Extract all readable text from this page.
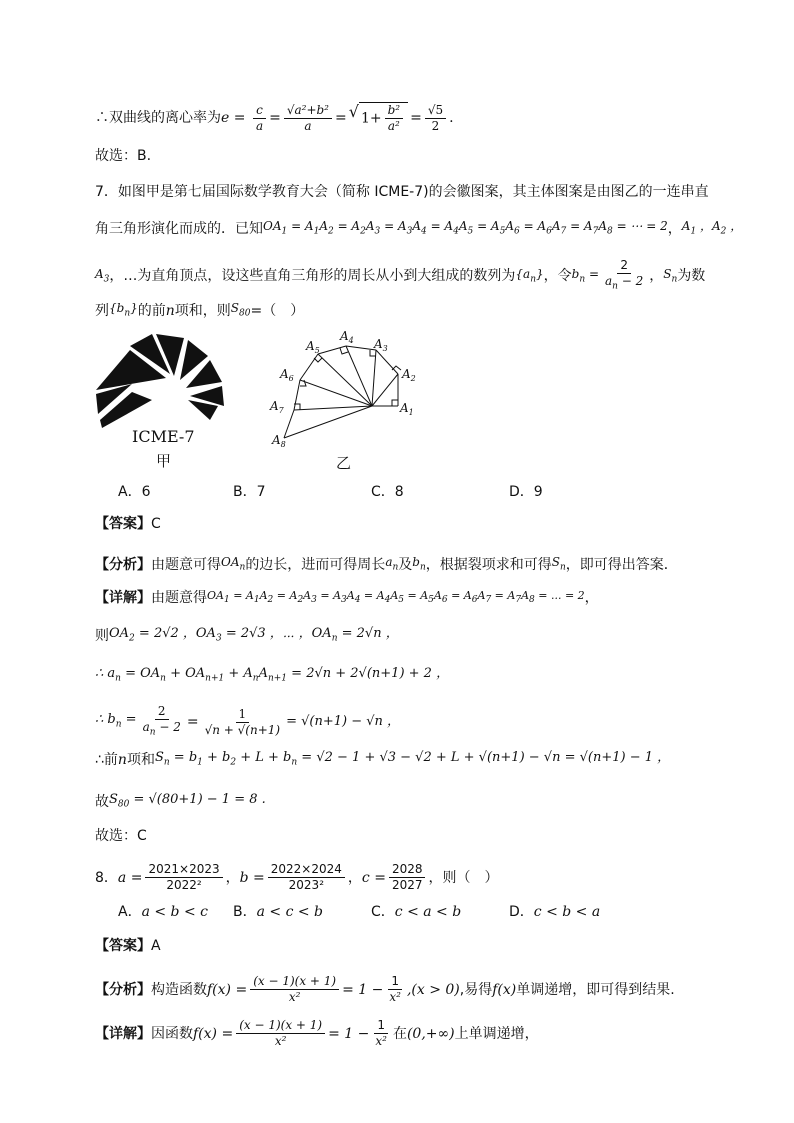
∴双曲线的离心率为 $e = \frac{c}{a} = \frac{\text{√a²+b²}}{a}$ = √ $1+ \frac{\text{b²}}{\text{a²}} = \frac{√5}{2}$ .
故选：B.
7．如图甲是第七届国际数学教育大会（简称 ICME-7)的会徽图案，其主体图案是由图乙的一连串直
角三角形演化而成的．已知 $OA_1 = A_1A_2 = A_2A_3 = A_3A_4 = A_4A_5 = A_5A_6 = A_6A_7 = A_7A_8$ = ⋯ = 2 ， $A_1$ ，$A_2$ ，
$A_3$ ，…为直角顶点，设这些直角三角形的周长从小到大组成的数列为 $\{a_n\}$ ，令 $b_n = \frac{2}{a_n - 2}$ ， $S_n$ 为数
列 $\{b_n\}$ 的前 n 项和，则 $S_{80}$ =（　）
ICME-7
甲
$A_1$
$A_2$
$A_3$
$A_4$
$A_5$
$A_6$
$A_7$
$A_8$
乙
A．6	B．7	C．8	D．9
【答案】 C
【分析】 由题意可得 $OA_n$ 的边长，进而可得周长 $a_n$ 及 $b_n$ ，根据裂项求和可得 $S_n$ ，即可得出答案．
【详解】 由题意得 $OA_1 = A_1A_2 = A_2A_3 = A_3A_4 = A_4A_5 = A_5A_6 = A_6A_7 = A_7A_8$ = ... = 2 ，
则 $OA_2 = 2√2$ ，$OA_3 = 2√3$ ，⋯ ，$OA_n = 2√n$ ，
∴ $a_n = OA_n + OA_{n+1} + A_nA_{n+1} = 2√n + 2√(n+1) + 2$ ，
∴ $b_n = \frac{2}{a_n - 2} = \frac{1}{√n + √(n+1)} = √(n+1) - √n$ ，
∴前 n 项和 $S_n = b_1 + b_2 + L + b_n = √2 - 1 + √3 - √2 + L + √(n+1) - √n = √(n+1) - 1$ ，
故 $S_{80} = √(80+1) - 1 = 8$ .
故选：C
8． $a = \frac{2021\times 2023}{\text{2022²}}$ ， $b = \frac{2022\times 2024}{\text{2023²}}$ ， $c = \frac{2028}{2027}$ ，则（　）
A．a < b < c	B．a < c < b	C．c < a < b	D．c < b < a
【答案】 A
【分析】 构造函数 $f(x) = \frac{(x - 1)(x + 1)}{\text{x²}} = 1 - \frac{1}{\text{x²}} ,(x > 0)$ ,易得 f(x) 单调递增，即可得到结果.
【详解】 因函数 $f(x) = \frac{(x - 1)(x + 1)}{\text{x²}} = 1 - \frac{1}{\text{x²}}$ 在 (0,+∞) 上单调递增，
